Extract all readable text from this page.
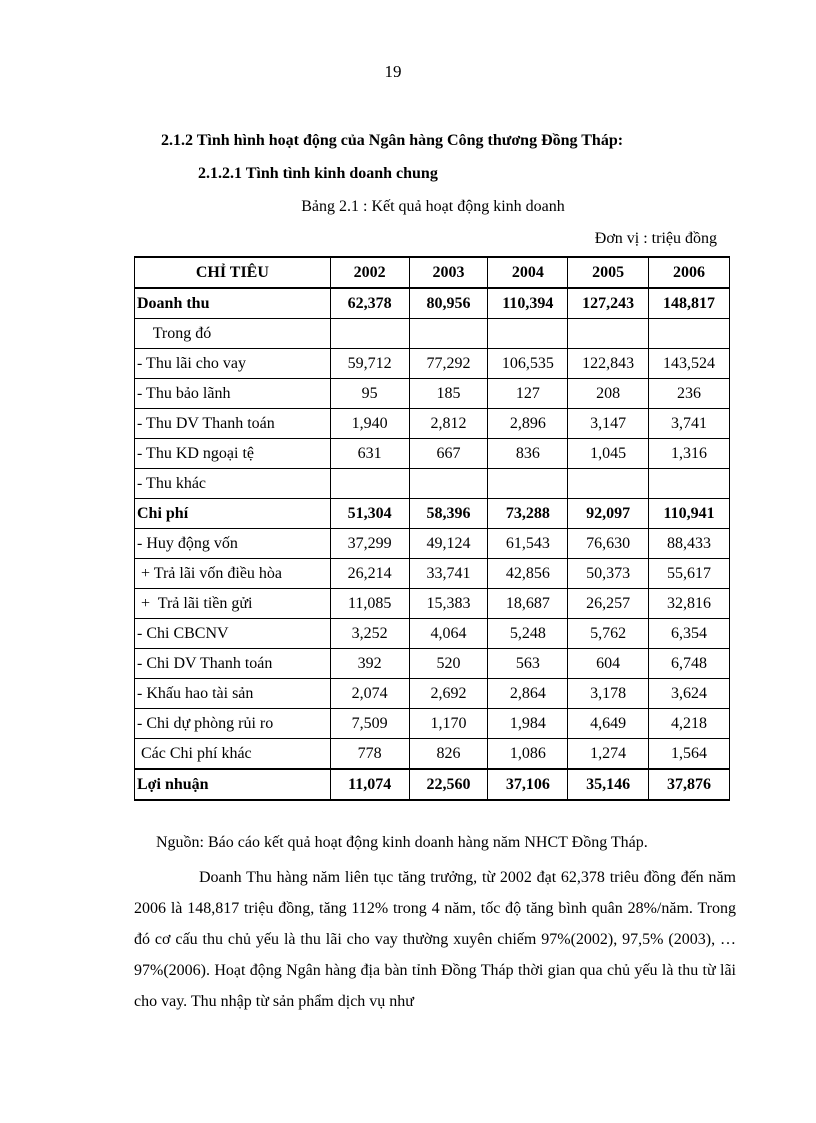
19
2.1.2 Tình hình hoạt động của Ngân hàng Công thương Đồng Tháp:
2.1.2.1 Tình tình kinh doanh chung
Bảng 2.1 : Kết quả hoạt động kinh doanh
Đơn vị : triệu đồng
CHỈ TIÊU	2002	2003	2004	2005	2006
Doanh thu	62,378	80,956	110,394	127,243	148,817
Trong đó					
- Thu lãi cho vay	59,712	77,292	106,535	122,843	143,524
- Thu bảo lãnh	95	185	127	208	236
- Thu DV Thanh toán	1,940	2,812	2,896	3,147	3,741
- Thu KD ngoại tệ	631	667	836	1,045	1,316
- Thu khác					
Chi phí	51,304	58,396	73,288	92,097	110,941
- Huy động vốn	37,299	49,124	61,543	76,630	88,433
+ Trả lãi vốn điều hòa	26,214	33,741	42,856	50,373	55,617
+  Trả lãi tiền gửi	11,085	15,383	18,687	26,257	32,816
- Chi CBCNV	3,252	4,064	5,248	5,762	6,354
- Chi DV Thanh toán	392	520	563	604	6,748
- Khấu hao tài sản	2,074	2,692	2,864	3,178	3,624
- Chi dự phòng rủi ro	7,509	1,170	1,984	4,649	4,218
Các Chi phí khác	778	826	1,086	1,274	1,564
Lợi nhuận	11,074	22,560	37,106	35,146	37,876
Nguồn: Báo cáo kết quả hoạt động kinh doanh hàng năm NHCT Đồng Tháp.

Doanh Thu hàng năm liên tục tăng trưởng, từ 2002 đạt 62,378 triêu đồng đến năm 2006 là 148,817 triệu đồng, tăng 112% trong 4 năm, tốc độ tăng bình quân 28%/năm. Trong đó cơ cấu thu chủ yếu là thu lãi cho vay thường xuyên chiếm 97%(2002), 97,5% (2003), …97%(2006). Hoạt động Ngân hàng địa bàn tỉnh Đồng Tháp thời gian qua chủ yếu là thu từ lãi cho vay. Thu nhập từ sản phẩm dịch vụ như
